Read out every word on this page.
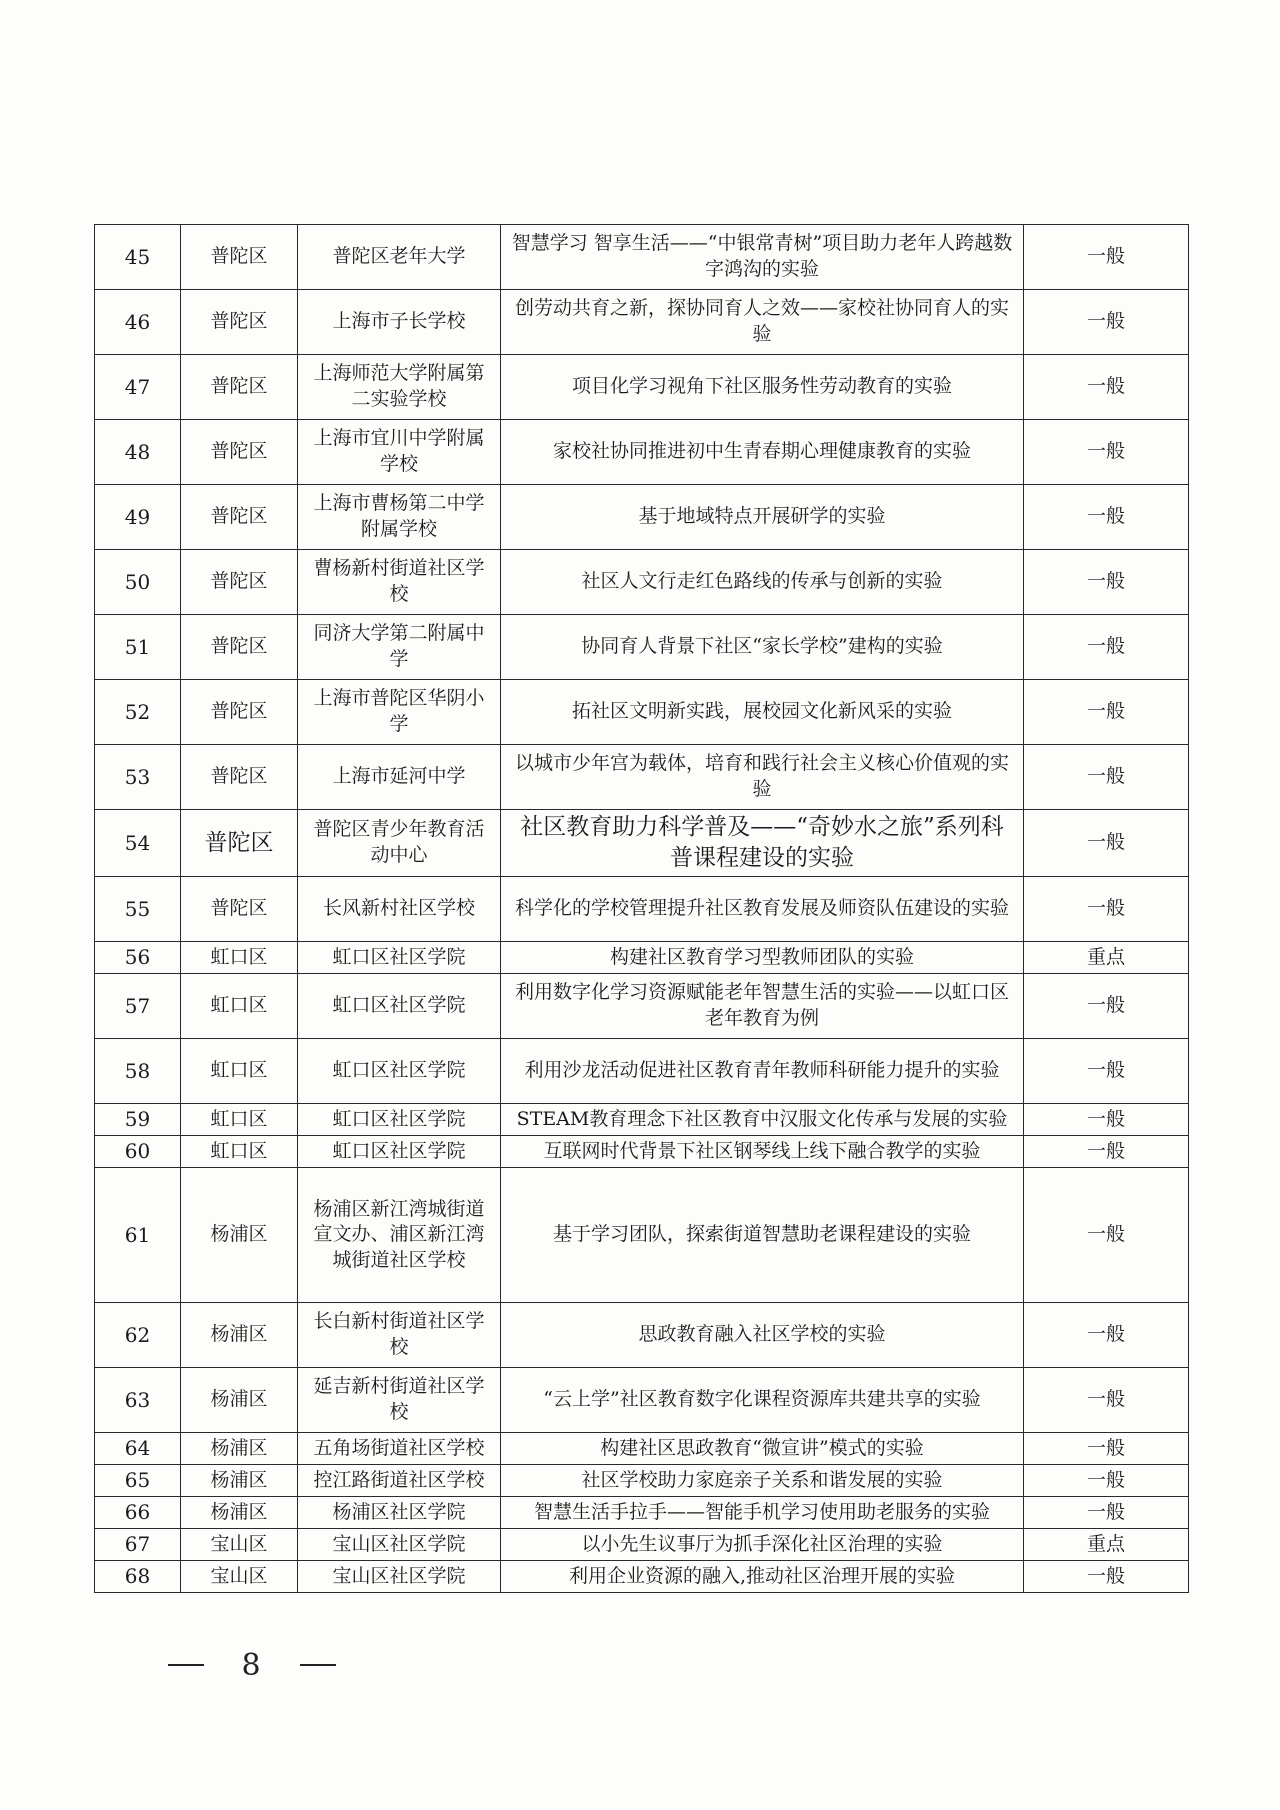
45	普陀区	普陀区老年大学	智慧学习 智享生活——“中银常青树”项目助力老年人跨越数字鸿沟的实验	一般
46	普陀区	上海市子长学校	创劳动共育之新，探协同育人之效——家校社协同育人的实验	一般
47	普陀区	上海师范大学附属第二实验学校	项目化学习视角下社区服务性劳动教育的实验	一般
48	普陀区	上海市宜川中学附属学校	家校社协同推进初中生青春期心理健康教育的实验	一般
49	普陀区	上海市曹杨第二中学附属学校	基于地域特点开展研学的实验	一般
50	普陀区	曹杨新村街道社区学校	社区人文行走红色路线的传承与创新的实验	一般
51	普陀区	同济大学第二附属中学	协同育人背景下社区“家长学校”建构的实验	一般
52	普陀区	上海市普陀区华阴小学	拓社区文明新实践，展校园文化新风采的实验	一般
53	普陀区	上海市延河中学	以城市少年宫为载体，培育和践行社会主义核心价值观的实验	一般
54	普陀区	普陀区青少年教育活动中心	社区教育助力科学普及——“奇妙水之旅”系列科普课程建设的实验	一般
55	普陀区	长风新村社区学校	科学化的学校管理提升社区教育发展及师资队伍建设的实验	一般
56	虹口区	虹口区社区学院	构建社区教育学习型教师团队的实验	重点
57	虹口区	虹口区社区学院	利用数字化学习资源赋能老年智慧生活的实验——以虹口区老年教育为例	一般
58	虹口区	虹口区社区学院	利用沙龙活动促进社区教育青年教师科研能力提升的实验	一般
59	虹口区	虹口区社区学院	STEAM教育理念下社区教育中汉服文化传承与发展的实验	一般
60	虹口区	虹口区社区学院	互联网时代背景下社区钢琴线上线下融合教学的实验	一般
61	杨浦区	杨浦区新江湾城街道宣文办、浦区新江湾城街道社区学校	基于学习团队，探索街道智慧助老课程建设的实验	一般
62	杨浦区	长白新村街道社区学校	思政教育融入社区学校的实验	一般
63	杨浦区	延吉新村街道社区学校	“云上学”社区教育数字化课程资源库共建共享的实验	一般
64	杨浦区	五角场街道社区学校	构建社区思政教育“微宣讲”模式的实验	一般
65	杨浦区	控江路街道社区学校	社区学校助力家庭亲子关系和谐发展的实验	一般
66	杨浦区	杨浦区社区学院	智慧生活手拉手——智能手机学习使用助老服务的实验	一般
67	宝山区	宝山区社区学院	以小先生议事厅为抓手深化社区治理的实验	重点
68	宝山区	宝山区社区学院	利用企业资源的融入,推动社区治理开展的实验	一般
8
